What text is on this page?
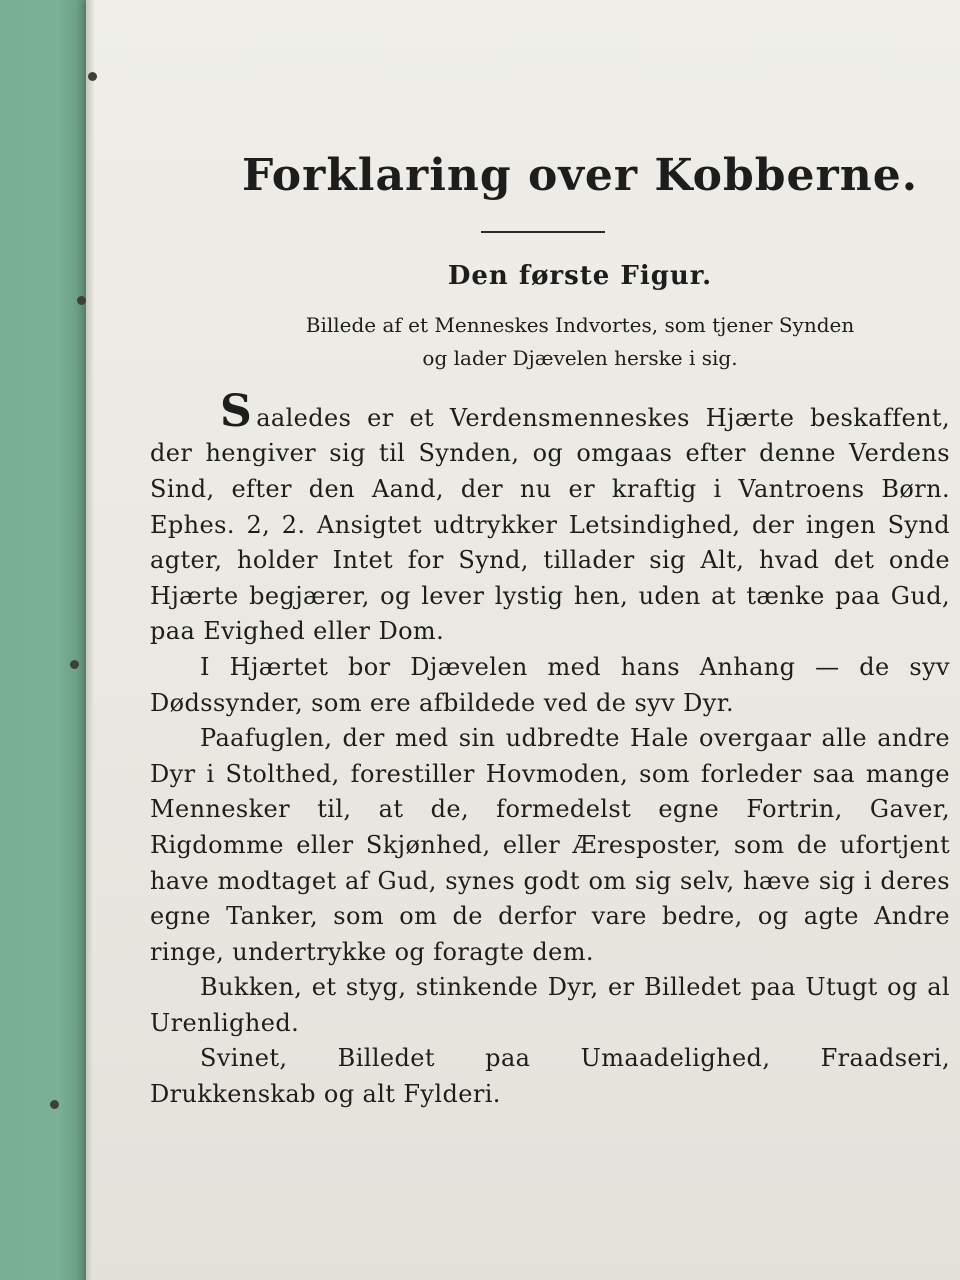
Forklaring over Kobberne.
Den første Figur.
Billede af et Menneskes Indvortes, som tjener Synden
og lader Djævelen herske i sig.

Saaledes er et Verdensmenneskes Hjærte beskaffent, der hengiver sig til Synden, og omgaas efter denne Verdens Sind, efter den Aand, der nu er kraftig i Vantroens Børn. Ephes. 2, 2. Ansigtet udtrykker Letsindighed, der ingen Synd agter, holder Intet for Synd, tillader sig Alt, hvad det onde Hjærte begjærer, og lever lystig hen, uden at tænke paa Gud, paa Evighed eller Dom.

I Hjærtet bor Djævelen med hans Anhang — de syv Dødssynder, som ere afbildede ved de syv Dyr.

Paafuglen, der med sin udbredte Hale overgaar alle andre Dyr i Stolthed, forestiller Hovmoden, som forleder saa mange Mennesker til, at de, formedelst egne Fortrin, Gaver, Rigdomme eller Skjønhed, eller Æresposter, som de ufortjent have modtaget af Gud, synes godt om sig selv, hæve sig i deres egne Tanker, som om de derfor vare bedre, og agte Andre ringe, undertrykke og foragte dem.

Bukken, et styg, stinkende Dyr, er Billedet paa Utugt og al Urenlighed.

Svinet, Billedet paa Umaadelighed, Fraadseri, Drukkenskab og alt Fylderi.
